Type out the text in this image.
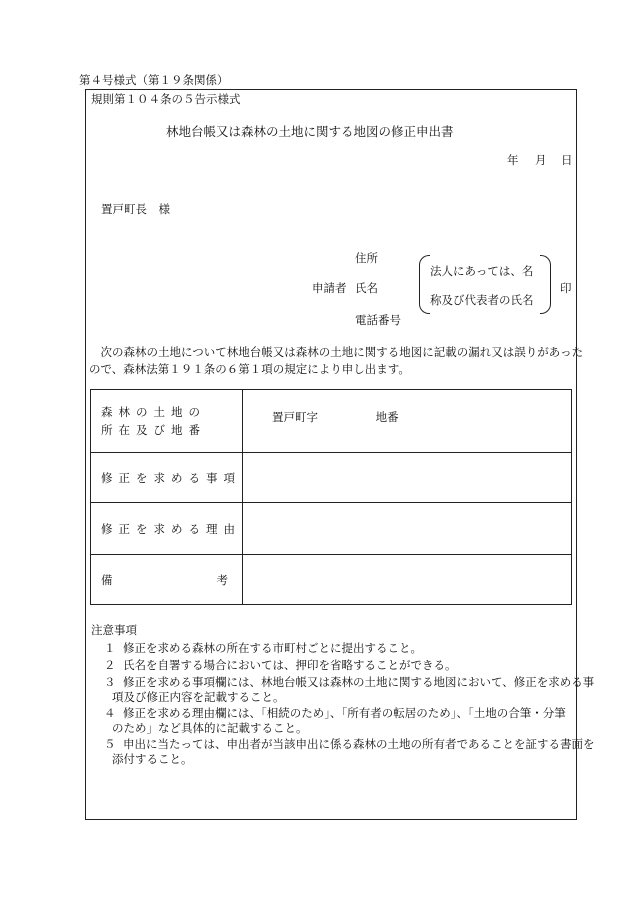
第４号様式（第１９条関係）
規則第１０４条の５告示様式
林地台帳又は森林の土地に関する地図の修正申出書
年 月 日
置戸町長　様
住所
申請者 氏名
電話番号
法人にあっては、名
称及び代表者の氏名
印
　次の森林の土地について林地台帳又は森林の土地に関する地図に記載の漏れ又は誤りがあった
ので、森林法第１９１条の６第１項の規定により申し出ます。
森林の土地の
所在及び地番	置戸町字 地番
修正を求める事項	
修正を求める理由	
備 考	

注意事項
１ 修正を求める森林の所在する市町村ごとに提出すること。
２ 氏名を自署する場合においては、押印を省略することができる。
３ 修正を求める事項欄には、林地台帳又は森林の土地に関する地図において、修正を求める事
項及び修正内容を記載すること。
４ 修正を求める理由欄には、「相続のため」、「所有者の転居のため」、「土地の合筆・分筆
のため」など具体的に記載すること。
５ 申出に当たっては、申出者が当該申出に係る森林の土地の所有者であることを証する書面を
添付すること。
